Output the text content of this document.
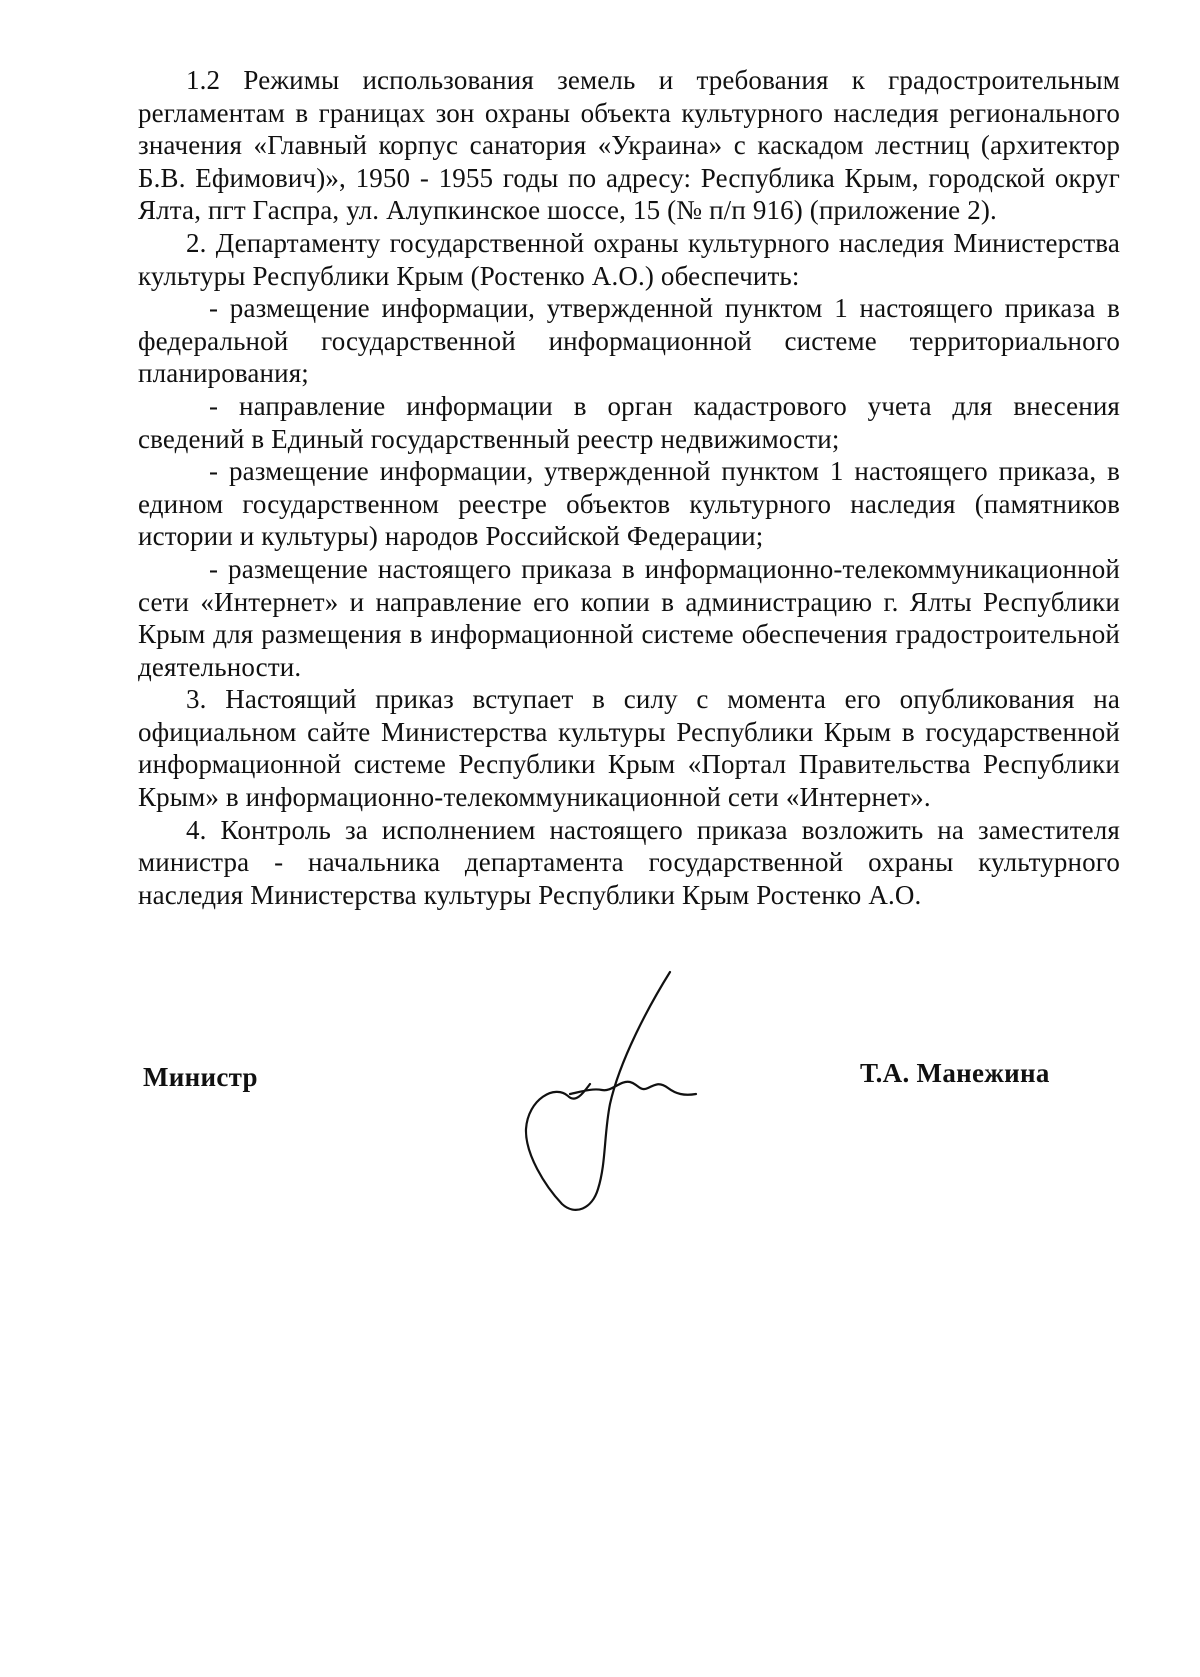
1.2 Режимы использования земель и требования к градостроительным регламентам в границах зон охраны объекта культурного наследия регионального значения «Главный корпус санатория «Украина» с каскадом лестниц (архитектор Б.В. Ефимович)», 1950 - 1955 годы по адресу: Республика Крым, городской округ Ялта, пгт Гаспра, ул. Алупкинское шоссе, 15 (№ п/п 916) (приложение 2).

2. Департаменту государственной охраны культурного наследия Министерства культуры Республики Крым (Ростенко А.О.) обеспечить:

- размещение информации, утвержденной пунктом 1 настоящего приказа в федеральной государственной информационной системе территориального планирования;

- направление информации в орган кадастрового учета для внесения сведений в Единый государственный реестр недвижимости;

- размещение информации, утвержденной пунктом 1 настоящего приказа, в едином государственном реестре объектов культурного наследия (памятников истории и культуры) народов Российской Федерации;

- размещение настоящего приказа в информационно-телекоммуникационной сети «Интернет» и направление его копии в администрацию г. Ялты Республики Крым для размещения в информационной системе обеспечения градостроительной деятельности.

3. Настоящий приказ вступает в силу с момента его опубликования на официальном сайте Министерства культуры Республики Крым в государственной информационной системе Республики Крым «Портал Правительства Республики Крым» в информационно-телекоммуникационной сети «Интернет».

4. Контроль за исполнением настоящего приказа возложить на заместителя министра - начальника департамента государственной охраны культурного наследия Министерства культуры Республики Крым Ростенко А.О.

Министр	Т.А. Манежина
